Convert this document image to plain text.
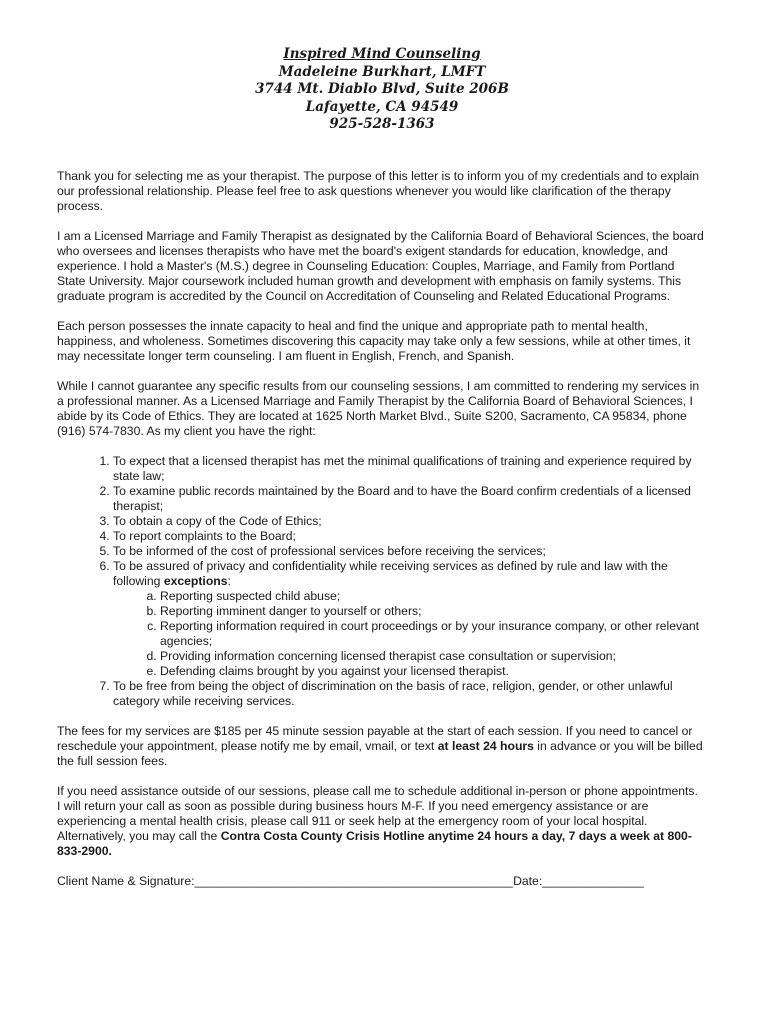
Inspired Mind Counseling
Madeleine Burkhart, LMFT
3744 Mt. Diablo Blvd, Suite 206B
Lafayette, CA 94549
925-528-1363

Thank you for selecting me as your therapist. The purpose of this letter is to inform you of my credentials and to explain our professional relationship. Please feel free to ask questions whenever you would like clarification of the therapy process.

I am a Licensed Marriage and Family Therapist as designated by the California Board of Behavioral Sciences, the board who oversees and licenses therapists who have met the board's exigent standards for education, knowledge, and experience. I hold a Master's (M.S.) degree in Counseling Education: Couples, Marriage, and Family from Portland State University. Major coursework included human growth and development with emphasis on family systems. This graduate program is accredited by the Council on Accreditation of Counseling and Related Educational Programs.

Each person possesses the innate capacity to heal and find the unique and appropriate path to mental health, happiness, and wholeness. Sometimes discovering this capacity may take only a few sessions, while at other times, it may necessitate longer term counseling. I am fluent in English, French, and Spanish.

While I cannot guarantee any specific results from our counseling sessions, I am committed to rendering my services in a professional manner. As a Licensed Marriage and Family Therapist by the California Board of Behavioral Sciences, I abide by its Code of Ethics. They are located at 1625 North Market Blvd., Suite S200, Sacramento, CA 95834, phone (916) 574-7830. As my client you have the right:

1. To expect that a licensed therapist has met the minimal qualifications of training and experience required by state law;
2. To examine public records maintained by the Board and to have the Board confirm credentials of a licensed therapist;
3. To obtain a copy of the Code of Ethics;
4. To report complaints to the Board;
5. To be informed of the cost of professional services before receiving the services;
6. To be assured of privacy and confidentiality while receiving services as defined by rule and law with the following exceptions:
a. Reporting suspected child abuse;
b. Reporting imminent danger to yourself or others;
c. Reporting information required in court proceedings or by your insurance company, or other relevant agencies;
d. Providing information concerning licensed therapist case consultation or supervision;
e. Defending claims brought by you against your licensed therapist.
7. To be free from being the object of discrimination on the basis of race, religion, gender, or other unlawful category while receiving services.

The fees for my services are $185 per 45 minute session payable at the start of each session. If you need to cancel or reschedule your appointment, please notify me by email, vmail, or text at least 24 hours in advance or you will be billed the full session fees.

If you need assistance outside of our sessions, please call me to schedule additional in-person or phone appointments. I will return your call as soon as possible during business hours M-F. If you need emergency assistance or are experiencing a mental health crisis, please call 911 or seek help at the emergency room of your local hospital. Alternatively, you may call the Contra Costa County Crisis Hotline anytime 24 hours a day, 7 days a week at 800-833-2900.

Client Name & Signature:_______________________________________________Date:_______________
